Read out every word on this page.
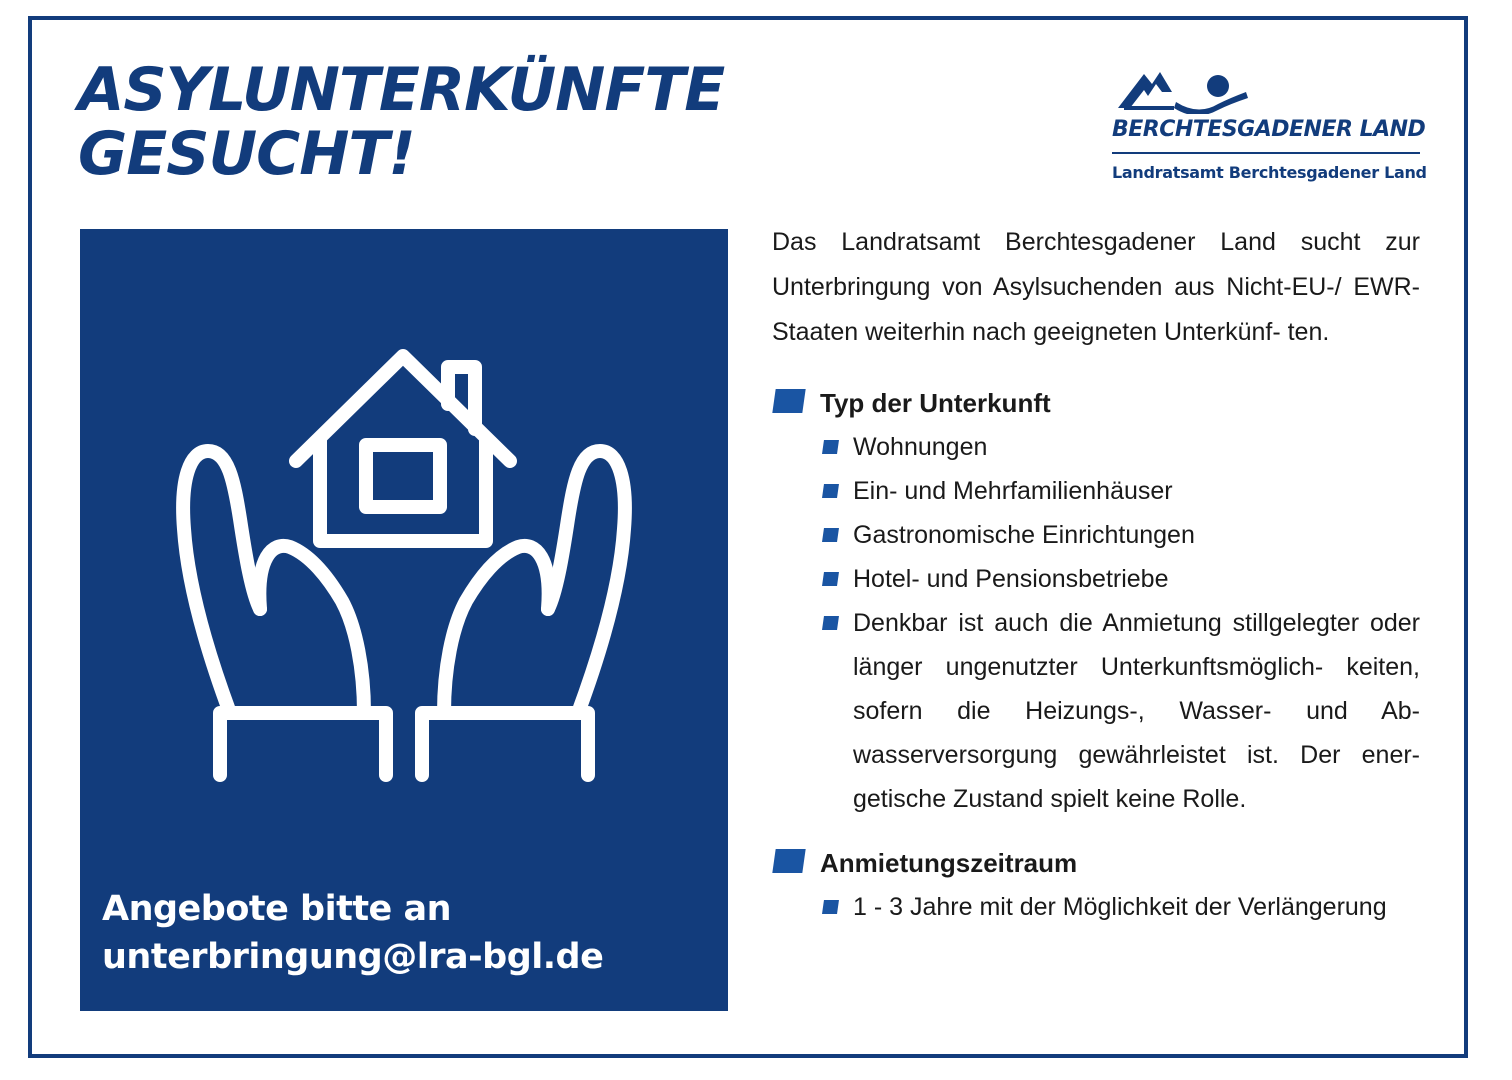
ASYLUNTERKÜNFTE
GESUCHT!	BERCHTESGADENER LAND
Landratsamt Berchtesgadener Land
Angebote bitte an
unterbringung@lra-bgl.de

Das Landratsamt Berchtesgadener Land sucht zur Unterbringung von Asylsuchenden aus Nicht-EU-/ EWR-Staaten weiterhin nach geeigneten Unterkünf- ten.

Typ der Unterkunft
Wohnungen
Ein- und Mehrfamilienhäuser
Gastronomische Einrichtungen
Hotel- und Pensionsbetriebe
Denkbar ist auch die Anmietung stillgelegter oder länger ungenutzter Unterkunftsmöglich- keiten, sofern die Heizungs-, Wasser- und Ab- wasserversorgung gewährleistet ist. Der ener- getische Zustand spielt keine Rolle.
Anmietungszeitraum
1 - 3 Jahre mit der Möglichkeit der Verlängerung
